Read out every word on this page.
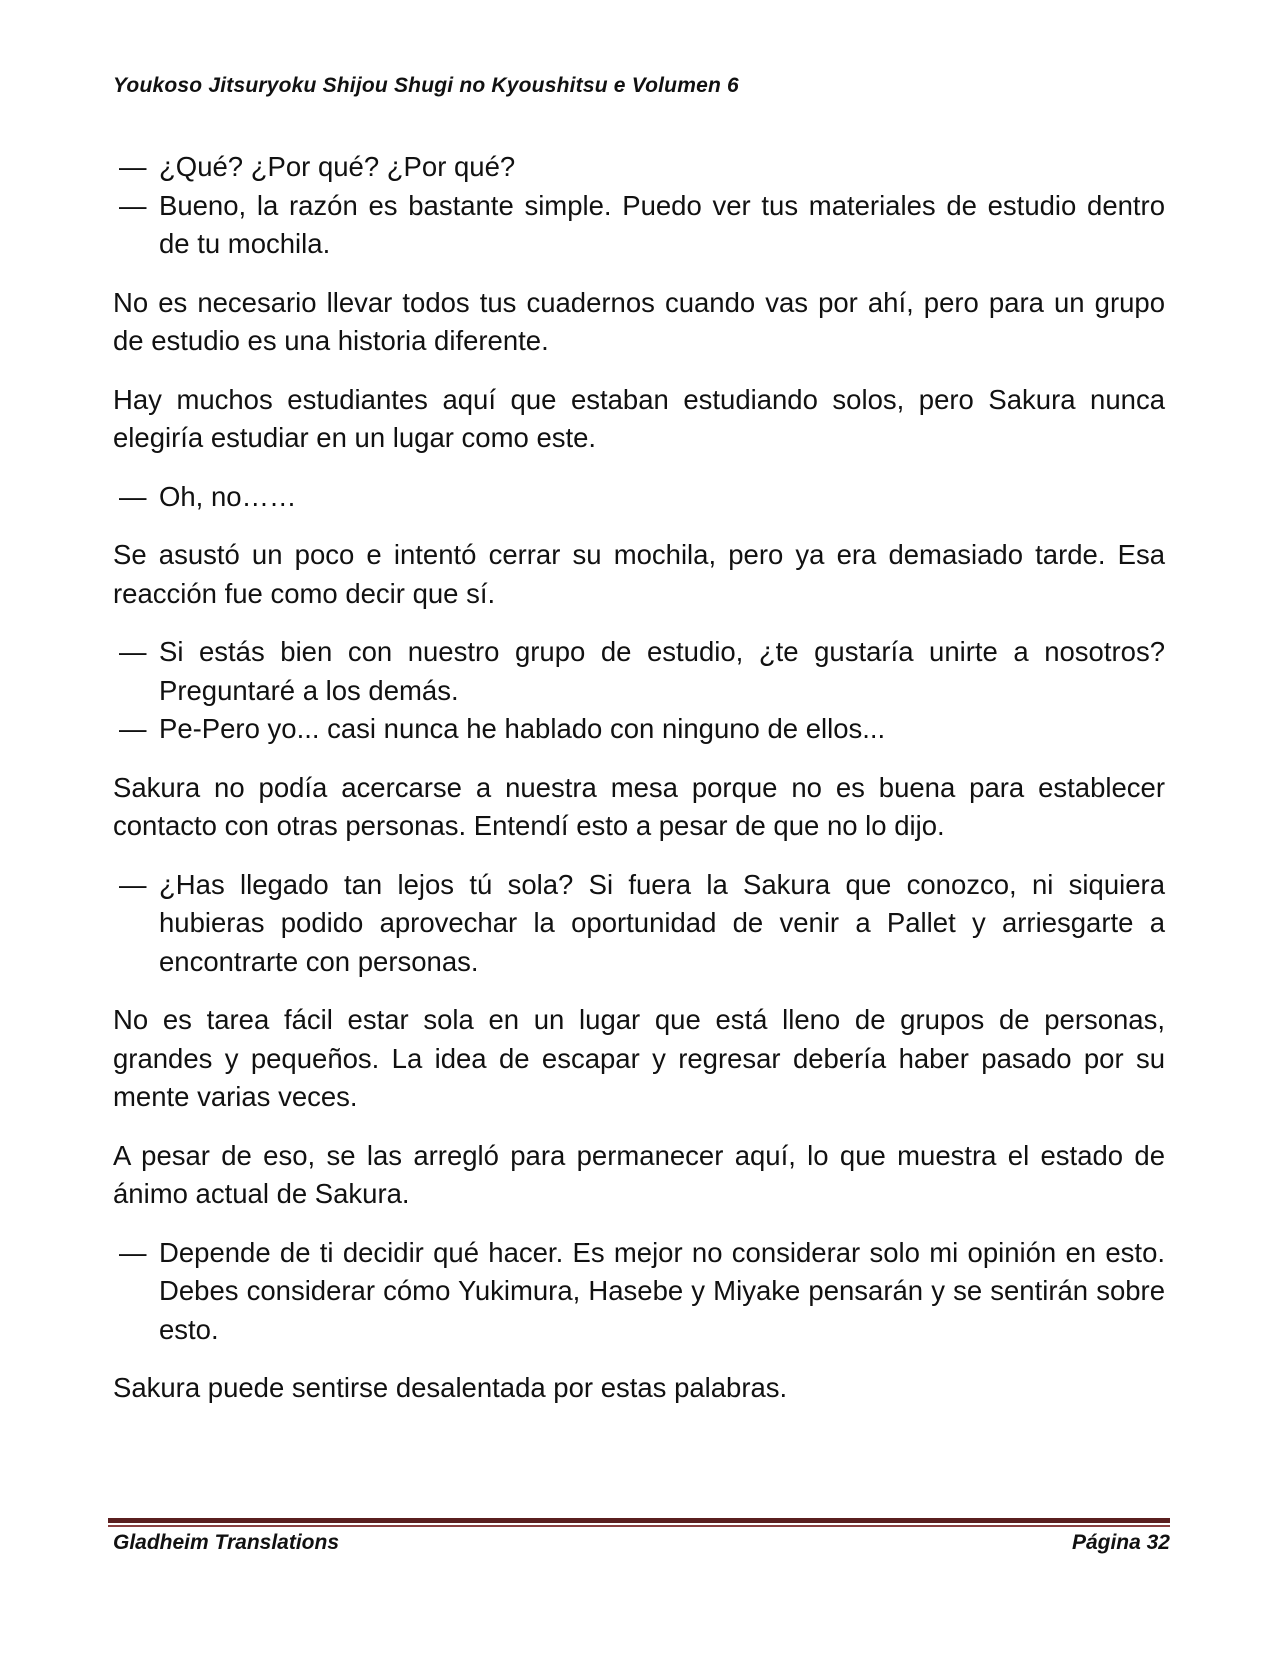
Youkoso Jitsuryoku Shijou Shugi no Kyoushitsu e Volumen 6
— ¿Qué? ¿Por qué? ¿Por qué?
— Bueno, la razón es bastante simple. Puedo ver tus materiales de estudio dentro de tu mochila.

No es necesario llevar todos tus cuadernos cuando vas por ahí, pero para un grupo de estudio es una historia diferente.

Hay muchos estudiantes aquí que estaban estudiando solos, pero Sakura nunca elegiría estudiar en un lugar como este.

— Oh, no……

Se asustó un poco e intentó cerrar su mochila, pero ya era demasiado tarde. Esa reacción fue como decir que sí.

— Si estás bien con nuestro grupo de estudio, ¿te gustaría unirte a nosotros? Preguntaré a los demás.
— Pe-Pero yo... casi nunca he hablado con ninguno de ellos...

Sakura no podía acercarse a nuestra mesa porque no es buena para establecer contacto con otras personas. Entendí esto a pesar de que no lo dijo.

— ¿Has llegado tan lejos tú sola? Si fuera la Sakura que conozco, ni siquiera hubieras podido aprovechar la oportunidad de venir a Pallet y arriesgarte a encontrarte con personas.

No es tarea fácil estar sola en un lugar que está lleno de grupos de personas, grandes y pequeños. La idea de escapar y regresar debería haber pasado por su mente varias veces.

A pesar de eso, se las arregló para permanecer aquí, lo que muestra el estado de ánimo actual de Sakura.

— Depende de ti decidir qué hacer. Es mejor no considerar solo mi opinión en esto. Debes considerar cómo Yukimura, Hasebe y Miyake pensarán y se sentirán sobre esto.

Sakura puede sentirse desalentada por estas palabras.

Gladheim Translations	Página 32
